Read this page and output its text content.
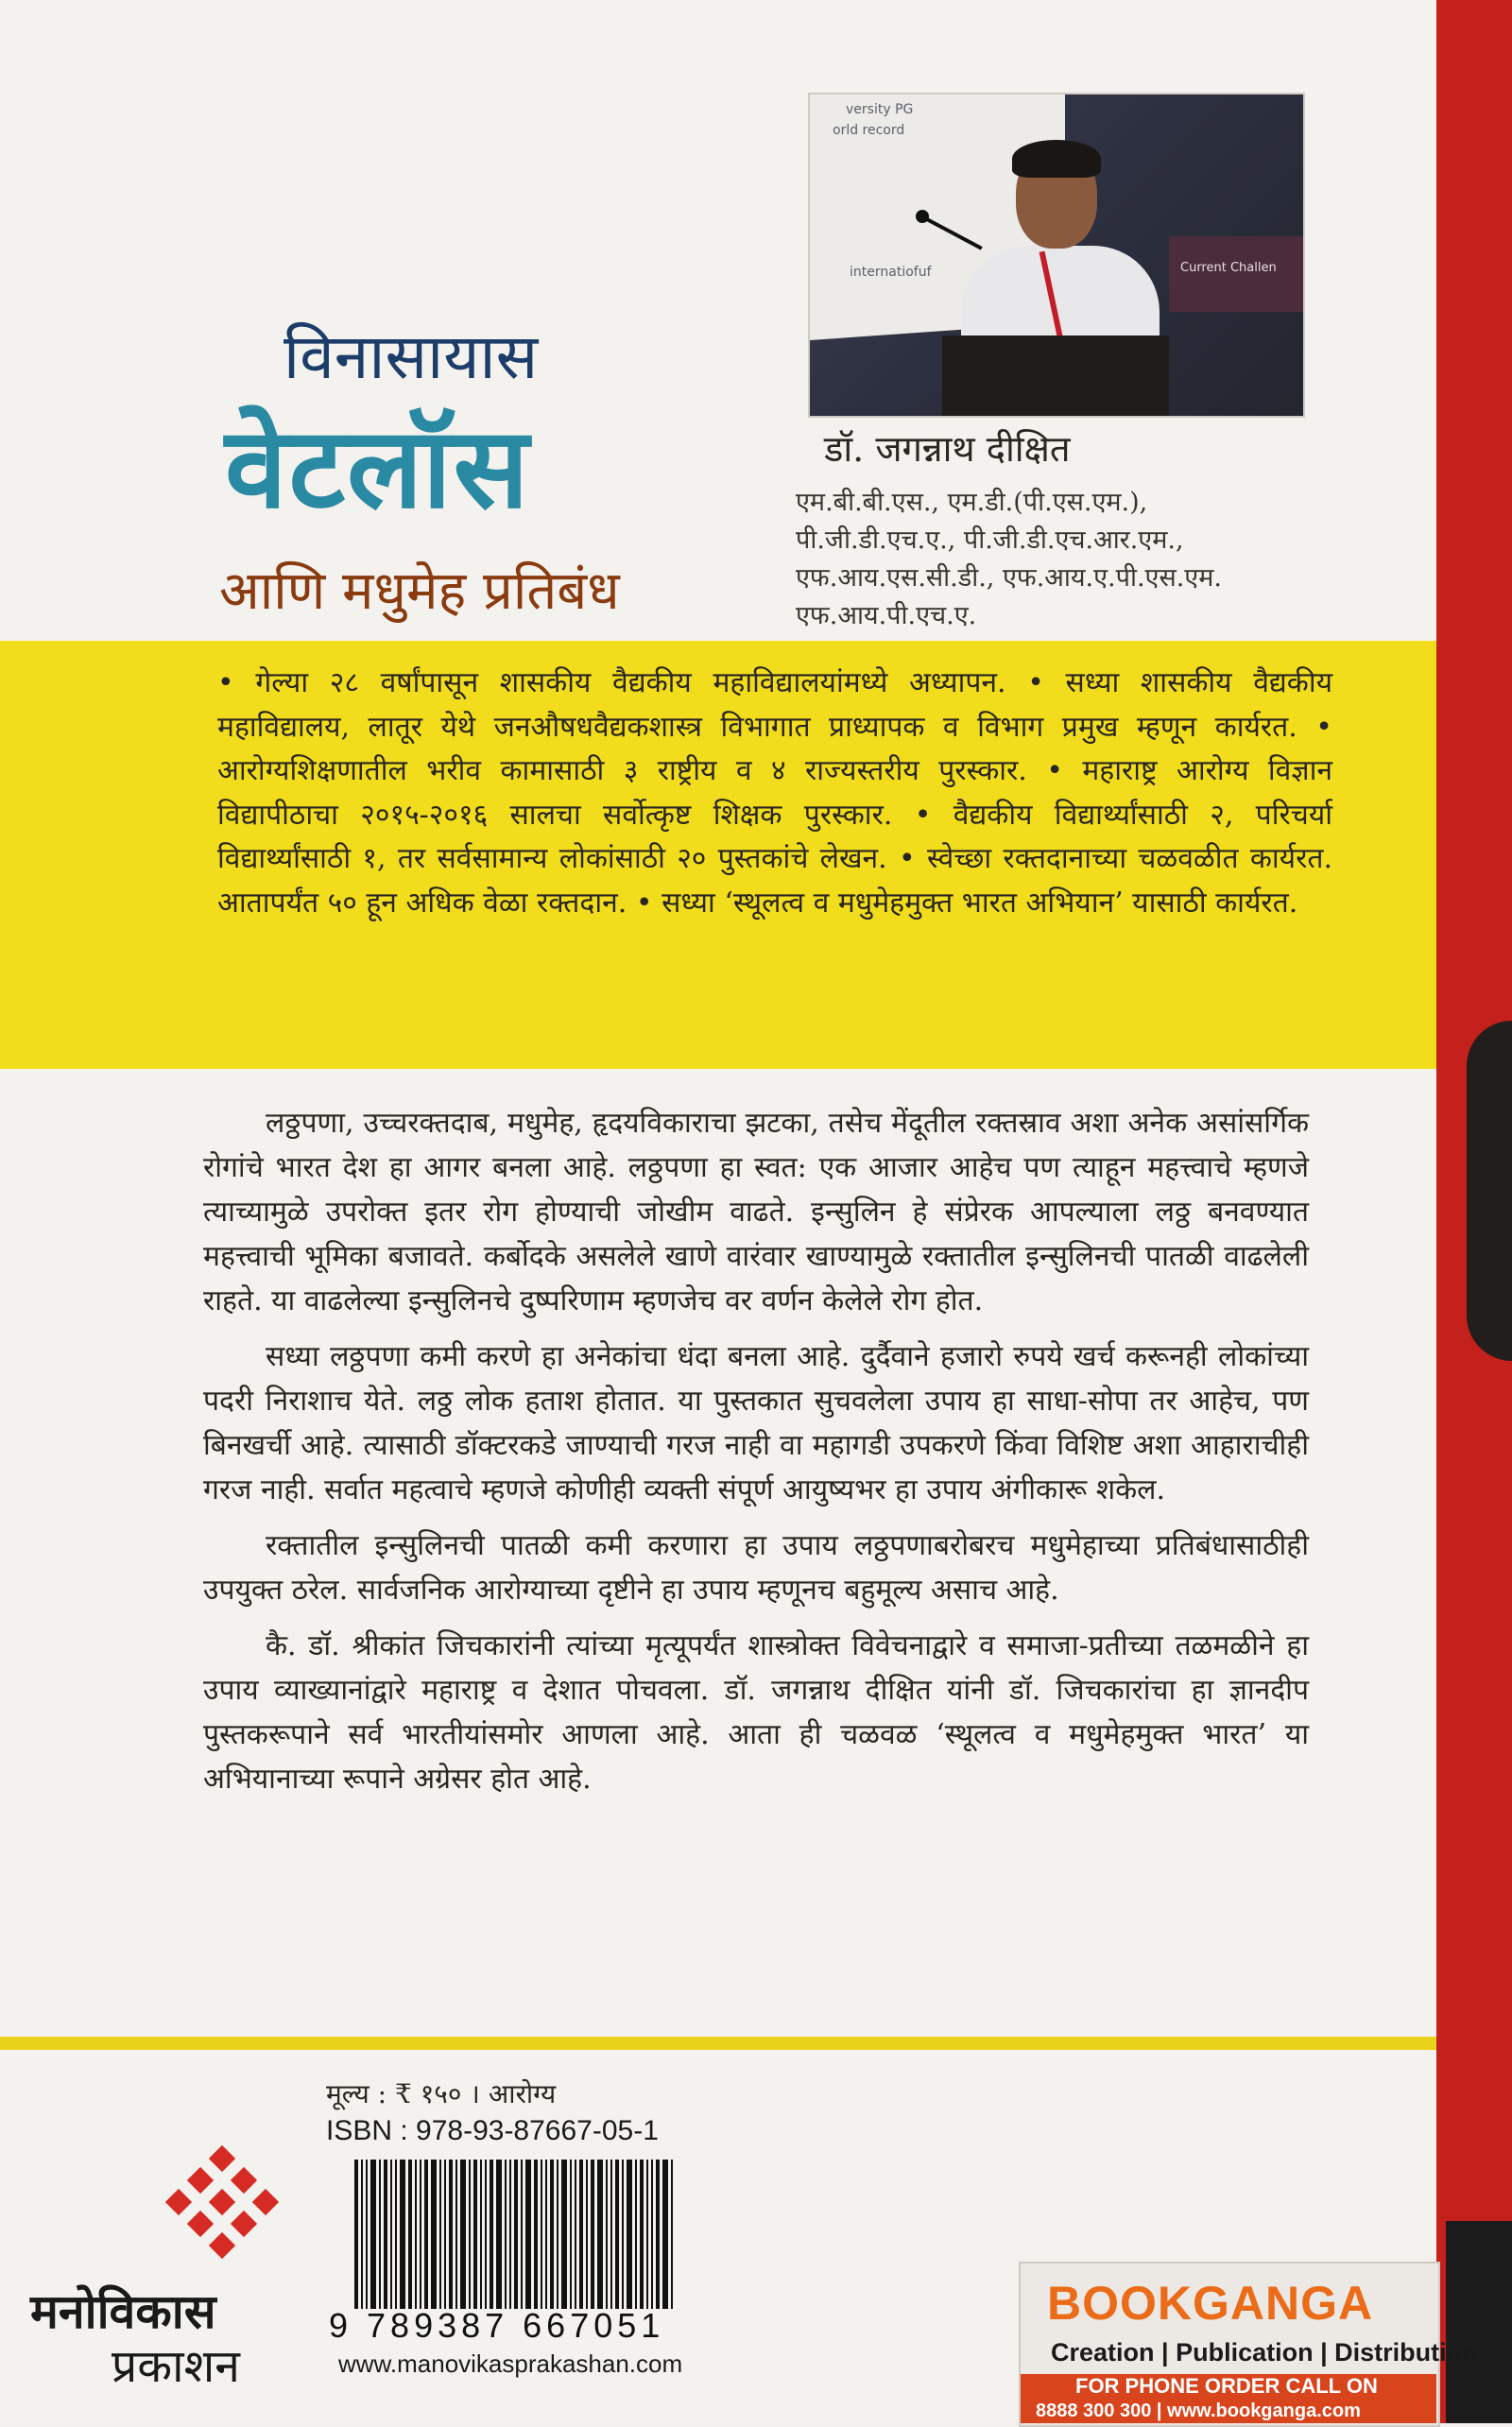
विनासायास
वेटलॉस
आणि मधुमेह प्रतिबंध
versity PG
orld record
internatiofuf	Current Challen
डॉ. जगन्नाथ दीक्षित
एम.बी.बी.एस., एम.डी.(पी.एस.एम.),
पी.जी.डी.एच.ए., पी.जी.डी.एच.आर.एम.,
एफ.आय.एस.सी.डी., एफ.आय.ए.पी.एस.एम.
एफ.आय.पी.एच.ए.
• गेल्या २८ वर्षांपासून शासकीय वैद्यकीय महाविद्यालयांमध्ये अध्यापन. • सध्या शासकीय वैद्यकीय महाविद्यालय, लातूर येथे जनऔषधवैद्यकशास्त्र विभागात प्राध्यापक व विभाग प्रमुख म्हणून कार्यरत. • आरोग्यशिक्षणातील भरीव कामासाठी ३ राष्ट्रीय व ४ राज्यस्तरीय पुरस्कार. • महाराष्ट्र आरोग्य विज्ञान विद्यापीठाचा २०१५-२०१६ सालचा सर्वोत्कृष्ट शिक्षक पुरस्कार. • वैद्यकीय विद्यार्थ्यांसाठी २, परिचर्या विद्यार्थ्यांसाठी १, तर सर्वसामान्य लोकांसाठी २० पुस्तकांचे लेखन. • स्वेच्छा रक्तदानाच्या चळवळीत कार्यरत. आतापर्यंत ५० हून अधिक वेळा रक्तदान. • सध्या ‘स्थूलत्व व मधुमेहमुक्त भारत अभियान’ यासाठी कार्यरत.

लठ्ठपणा, उच्चरक्तदाब, मधुमेह, हृदयविकाराचा झटका, तसेच मेंदूतील रक्तस्राव अशा अनेक असांसर्गिक रोगांचे भारत देश हा आगर बनला आहे. लठ्ठपणा हा स्वत: एक आजार आहेच पण त्याहून महत्त्वाचे म्हणजे त्याच्यामुळे उपरोक्त इतर रोग होण्याची जोखीम वाढते. इन्सुलिन हे संप्रेरक आपल्याला लठ्ठ बनवण्यात महत्त्वाची भूमिका बजावते. कर्बोदके असलेले खाणे वारंवार खाण्यामुळे रक्तातील इन्सुलिनची पातळी वाढलेली राहते. या वाढलेल्या इन्सुलिनचे दुष्परिणाम म्हणजेच वर वर्णन केलेले रोग होत.

सध्या लठ्ठपणा कमी करणे हा अनेकांचा धंदा बनला आहे. दुर्दैवाने हजारो रुपये खर्च करूनही लोकांच्या पदरी निराशाच येते. लठ्ठ लोक हताश होतात. या पुस्तकात सुचवलेला उपाय हा साधा-सोपा तर आहेच, पण बिनखर्ची आहे. त्यासाठी डॉक्टरकडे जाण्याची गरज नाही वा महागडी उपकरणे किंवा विशिष्ट अशा आहाराचीही गरज नाही. सर्वात महत्वाचे म्हणजे कोणीही व्यक्ती संपूर्ण आयुष्यभर हा उपाय अंगीकारू शकेल.

रक्तातील इन्सुलिनची पातळी कमी करणारा हा उपाय लठ्ठपणाबरोबरच मधुमेहाच्या प्रतिबंधासाठीही उपयुक्त ठरेल. सार्वजनिक आरोग्याच्या दृष्टीने हा उपाय म्हणूनच बहुमूल्य असाच आहे.

कै. डॉ. श्रीकांत जिचकारांनी त्यांच्या मृत्यूपर्यंत शास्त्रोक्त विवेचनाद्वारे व समाजा-प्रतीच्या तळमळीने हा उपाय व्याख्यानांद्वारे महाराष्ट्र व देशात पोचवला. डॉ. जगन्नाथ दीक्षित यांनी डॉ. जिचकारांचा हा ज्ञानदीप पुस्तकरूपाने सर्व भारतीयांसमोर आणला आहे. आता ही चळवळ ‘स्थूलत्व व मधुमेहमुक्त भारत’ या अभियानाच्या रूपाने अग्रेसर होत आहे.

मूल्य : ₹ १५० । आरोग्य
ISBN : 978-93-87667-05-1
9 789387 667051
www.manovikasprakashan.com
मनोविकास
प्रकाशन
BOOKGANGA
Creation | Publication | Distribution
FOR PHONE ORDER CALL ON
8888 300 300 | www.bookganga.com
